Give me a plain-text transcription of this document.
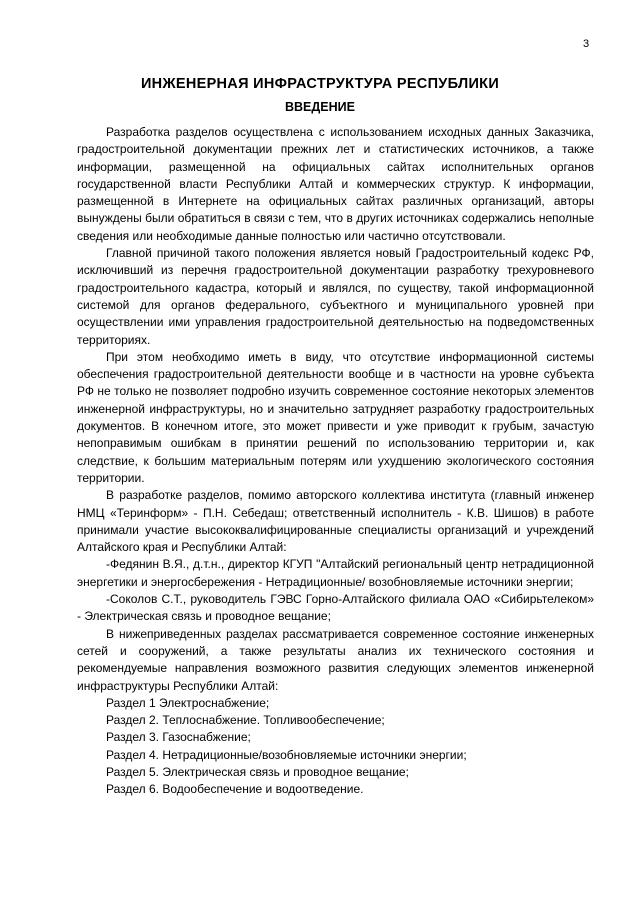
3
ИНЖЕНЕРНАЯ ИНФРАСТРУКТУРА РЕСПУБЛИКИ
ВВЕДЕНИЕ

Разработка разделов осуществлена с использованием исходных данных Заказчика, градостроительной документации прежних лет и статистических источников, а также информации, размещенной на официальных сайтах исполнительных органов государственной власти Республики Алтай и коммерческих структур. К информации, размещенной в Интернете на официальных сайтах различных организаций, авторы вынуждены были обратиться в связи с тем, что в других источниках содержались неполные сведения или необходимые данные полностью или частично отсутствовали.

Главной причиной такого положения является новый Градостроительный кодекс РФ, исключивший из перечня градостроительной документации разработку трехуровневого градостроительного кадастра, который и являлся, по существу, такой информационной системой для органов федерального, субъектного и муниципального уровней при осуществлении ими управления градостроительной деятельностью на подведомственных территориях.

При этом необходимо иметь в виду, что отсутствие информационной системы обеспечения градостроительной деятельности вообще и в частности на уровне субъекта РФ не только не позволяет подробно изучить современное состояние некоторых элементов инженерной инфраструктуры, но и значительно затрудняет разработку градостроительных документов. В конечном итоге, это может привести и уже приводит к грубым, зачастую непоправимым ошибкам в принятии решений по использованию территории и, как следствие, к большим материальным потерям или ухудшению экологического состояния территории.

В разработке разделов, помимо авторского коллектива института (главный инженер НМЦ «Теринформ» - П.Н. Себедаш; ответственный исполнитель - К.В. Шишов) в работе принимали участие высококвалифицированные специалисты организаций и учреждений Алтайского края и Республики Алтай:

-Федянин В.Я., д.т.н., директор КГУП "Алтайский региональный центр нетрадиционной энергетики и энергосбережения - Нетрадиционные/ возобновляемые источники энергии;

-Соколов С.Т., руководитель ГЭВС Горно-Алтайского филиала ОАО «Сибирьтелеком» - Электрическая связь и проводное вещание;

В нижеприведенных разделах рассматривается современное состояние инженерных сетей и сооружений, а также результаты анализ их технического состояния и рекомендуемые направления возможного развития следующих элементов инженерной инфраструктуры Республики Алтай:

Раздел 1 Электроснабжение;
Раздел 2. Теплоснабжение. Топливообеспечение;
Раздел 3. Газоснабжение;
Раздел 4. Нетрадиционные/возобновляемые источники энергии;
Раздел 5. Электрическая связь и проводное вещание;
Раздел 6. Водообеспечение и водоотведение.
